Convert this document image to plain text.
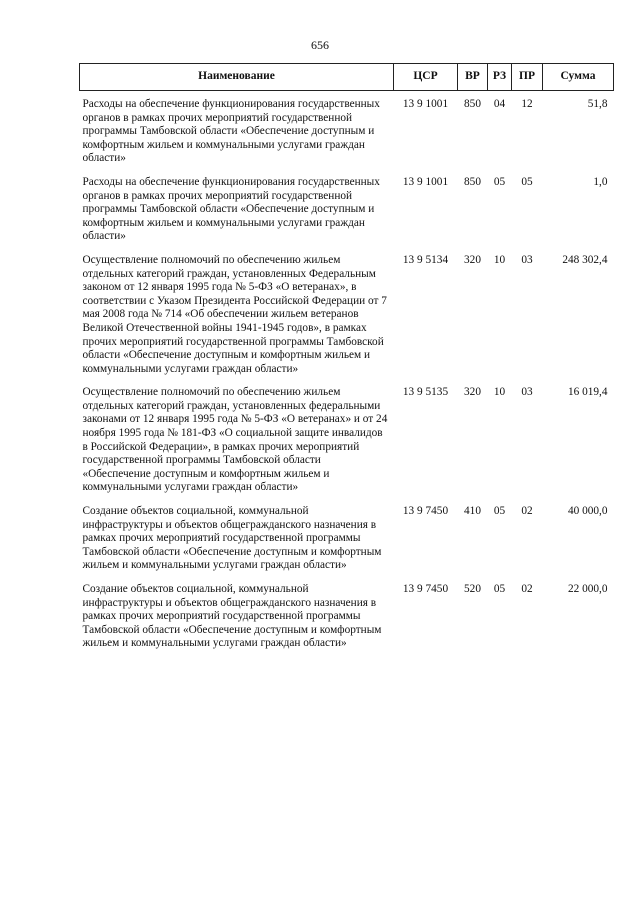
656
Наименование	ЦСР	ВР	РЗ	ПР	Сумма
Расходы на обеспечение функционирования государственных органов в рамках прочих мероприятий государственной программы Тамбовской области «Обеспечение доступным и комфортным жильем и коммунальными услугами граждан области»	13 9 1001	850	04	12	51,8
Расходы на обеспечение функционирования государственных органов в рамках прочих мероприятий государственной программы Тамбовской области «Обеспечение доступным и комфортным жильем и коммунальными услугами граждан области»	13 9 1001	850	05	05	1,0
Осуществление полномочий по обеспечению жильем отдельных категорий граждан, установленных Федеральным законом от 12 января 1995 года № 5-ФЗ «О ветеранах», в соответствии с Указом Президента Российской Федерации от 7 мая 2008 года № 714 «Об обеспечении жильем ветеранов Великой Отечественной войны 1941-1945 годов», в рамках прочих мероприятий государственной программы Тамбовской области «Обеспечение доступным и комфортным жильем и коммунальными услугами граждан области»	13 9 5134	320	10	03	248 302,4
Осуществление полномочий по обеспечению жильем отдельных категорий граждан, установленных федеральными законами от 12 января 1995 года № 5-ФЗ «О ветеранах» и от 24 ноября 1995 года № 181-ФЗ «О социальной защите инвалидов в Российской Федерации», в рамках прочих мероприятий государственной программы Тамбовской области «Обеспечение доступным и комфортным жильем и коммунальными услугами граждан области»	13 9 5135	320	10	03	16 019,4
Создание объектов социальной, коммунальной инфраструктуры и объектов общегражданского назначения в рамках прочих мероприятий государственной программы Тамбовской области «Обеспечение доступным и комфортным жильем и коммунальными услугами граждан области»	13 9 7450	410	05	02	40 000,0
Создание объектов социальной, коммунальной инфраструктуры и объектов общегражданского назначения в рамках прочих мероприятий государственной программы Тамбовской области «Обеспечение доступным и комфортным жильем и коммунальными услугами граждан области»	13 9 7450	520	05	02	22 000,0
